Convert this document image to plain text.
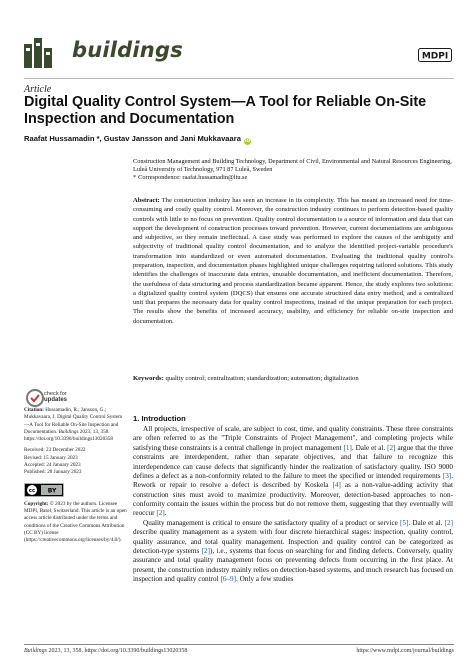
buildings	MDPI
Article
Digital Quality Control System—A Tool for Reliable On-Site Inspection and Documentation
Raafat Hussamadin *, Gustav Jansson and Jani Mukkavaara iD
Construction Management and Building Technology, Department of Civil, Environmental and Natural Resources Engineering, Luleå University of Technology, 971 87 Luleå, Sweden
* Correspondence: raafat.hussamadin@ltu.se
Abstract: The construction industry has seen an increase in its complexity. This has meant an increased need for time-consuming and costly quality control. Moreover, the construction industry continues to perform detection-based quality controls with little to no focus on prevention. Quality control documentation is a source of information and data that can support the development of construction processes toward prevention. However, current documentations are ambiguous and subjective, so they remain ineffectual. A case study was performed to explore the causes of the ambiguity and subjectivity of traditional quality control documentation, and to analyze the identified project-variable procedure's transformation into standardized or even automated documentation. Evaluating the traditional quality control's preparation, inspection, and documentation phases highlighted unique challenges requiring tailored solutions. This study identifies the challenges of inaccurate data entries, unusable documentation, and inefficient documentation. Therefore, the usefulness of data structuring and process standardization became apparent. Hence, the study explores two solutions: a digitalized quality control system (DQCS) that ensures one accurate structured data entry method, and a centralized unit that prepares the necessary data for quality control inspections, instead of the unique preparation for each project. The results show the benefits of increased accuracy, usability, and efficiency for reliable on-site inspection and documentation.
Keywords: quality control; centralization; standardization; automation; digitalization
check for
updates
Citation: Hussamadin, R.; Jansson, G.; Mukkavaara, J. Digital Quality Control System—A Tool for Reliable On-Site Inspection and Documentation. Buildings 2023, 13, 358. https://doi.org/10.3390/buildings13020358
Received: 23 December 2022
Revised: 15 January 2023
Accepted: 24 January 2023
Published: 28 January 2023
cc BY
Copyright: © 2023 by the authors. Licensee MDPI, Basel, Switzerland. This article is an open access article distributed under the terms and conditions of the Creative Commons Attribution (CC BY) license (https://creativecommons.org/licenses/by/4.0/).
1. Introduction

All projects, irrespective of scale, are subject to cost, time, and quality constraints. These three constraints are often referred to as the "Triple Constraints of Project Management", and completing projects while satisfying these constraints is a central challenge in project management [1]. Dale et al. [2] argue that the three constraints are interdependent, rather than separate objectives, and that failure to recognize this interdependence can cause defects that significantly hinder the realization of satisfactory quality. ISO 9000 defines a defect as a non-conformity related to the failure to meet the specified or intended requirements [3]. Rework or repair to resolve a defect is described by Koskela [4] as a non-value-adding activity that construction sites must avoid to maximize productivity. Moreover, detection-based approaches to non-conformity contain the issues within the process but do not remove them, suggesting that they eventually will reoccur [2].

Quality management is critical to ensure the satisfactory quality of a product or service [5]. Dale et al. [2] describe quality management as a system with four discrete hierarchical stages: inspection, quality control, quality assurance, and total quality management. Inspection and quality control can be categorized as detection-type systems [2]), i.e., systems that focus on searching for and finding defects. Conversely, quality assurance and total quality management focus on preventing defects from occurring in the first place. At present, the construction industry mainly relies on detection-based systems, and much research has focused on inspection and quality control [6–9]. Only a few studies

Buildings 2023, 13, 358. https://doi.org/10.3390/buildings13020358	https://www.mdpi.com/journal/buildings
